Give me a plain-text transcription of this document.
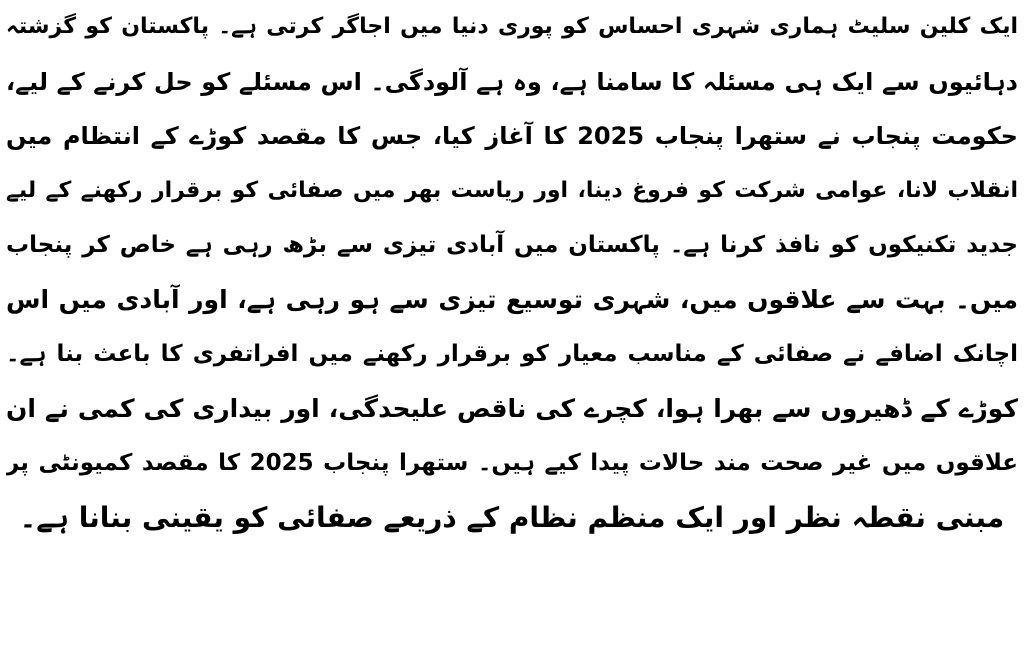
ایک کلین سلیٹ ہماری شہری احساس کو پوری دنیا میں اجاگر کرتی ہے۔ پاکستان کو گزشتہ
دہائیوں سے ایک ہی مسئلہ کا سامنا ہے، وہ ہے آلودگی۔ اس مسئلے کو حل کرنے کے لیے،
حکومت پنجاب نے ستھرا پنجاب 2025 کا آغاز کیا، جس کا مقصد کوڑے کے انتظام میں
انقلاب لانا، عوامی شرکت کو فروغ دینا، اور ریاست بھر میں صفائی کو برقرار رکھنے کے لیے
جدید تکنیکوں کو نافذ کرنا ہے۔ پاکستان میں آبادی تیزی سے بڑھ رہی ہے خاص کر پنجاب
میں۔ بہت سے علاقوں میں، شہری توسیع تیزی سے ہو رہی ہے، اور آبادی میں اس
اچانک اضافے نے صفائی کے مناسب معیار کو برقرار رکھنے میں افراتفری کا باعث بنا ہے۔
کوڑے کے ڈھیروں سے بھرا ہوا، کچرے کی ناقص علیحدگی، اور بیداری کی کمی نے ان
علاقوں میں غیر صحت مند حالات پیدا کیے ہیں۔ ستھرا پنجاب 2025 کا مقصد کمیونٹی پر
مبنی نقطہ نظر اور ایک منظم نظام کے ذریعے صفائی کو یقینی بنانا ہے۔
